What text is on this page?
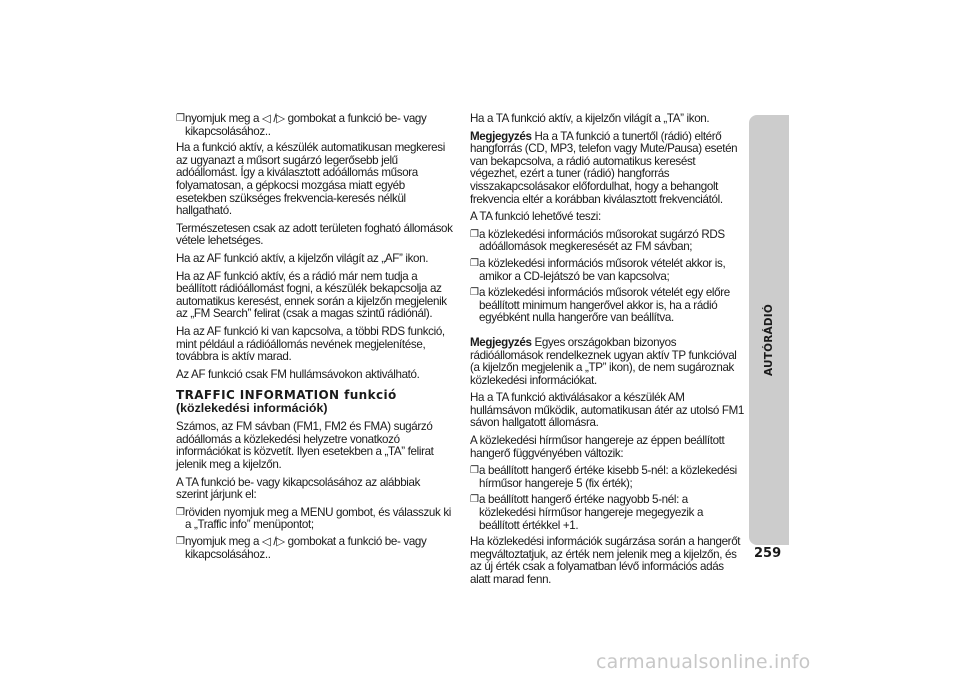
❐ nyomjuk meg a ◁ /▷ gombokat a funkció be- vagy kikapcsolásához..

Ha a funkció aktív, a készülék automatikusan megkeresi az ugyanazt a műsort sugárzó legerősebb jelű adóállomást. Így a kiválasztott adóállomás műsora folyamatosan, a gépkocsi mozgása miatt egyéb esetekben szükséges frekvencia-keresés nélkül hallgatható.

Természetesen csak az adott területen fogható állomások vétele lehetséges.

Ha az AF funkció aktív, a kijelzőn világít az „AF” ikon.

Ha az AF funkció aktív, és a rádió már nem tudja a beállított rádióállomást fogni, a készülék bekapcsolja az automatikus keresést, ennek során a kijelzőn megjelenik az „FM Search” felirat (csak a magas szintű rádiónál).

Ha az AF funkció ki van kapcsolva, a többi RDS funkció, mint például a rádióállomás nevének megjelenítése, továbbra is aktív marad.

Az AF funkció csak FM hullámsávokon aktiválható.

TRAFFIC INFORMATION funkció
(közlekedési információk)

Számos, az FM sávban (FM1, FM2 és FMA) sugárzó adóállomás a közlekedési helyzetre vonatkozó információkat is közvetít. Ilyen esetekben a „TA” felirat jelenik meg a kijelzőn.

A TA funkció be- vagy kikapcsolásához az alábbiak szerint járjunk el:

❐ röviden nyomjuk meg a MENU gombot, és válasszuk ki a „Traffic info” menüpontot;
❐ nyomjuk meg a ◁ /▷ gombokat a funkció be- vagy kikapcsolásához..

Ha a TA funkció aktív, a kijelzőn világít a „TA” ikon.

Megjegyzés Ha a TA funkció a tunertől (rádió) eltérő hangforrás (CD, MP3, telefon vagy Mute/Pausa) esetén van bekapcsolva, a rádió automatikus keresést végezhet, ezért a tuner (rádió) hangforrás visszakapcsolásakor előfordulhat, hogy a behangolt frekvencia eltér a korábban kiválasztott frekvenciától.

A TA funkció lehetővé teszi:

❐ a közlekedési információs műsorokat sugárzó RDS adóállomások megkeresését az FM sávban;
❐ a közlekedési információs műsorok vételét akkor is, amikor a CD-lejátszó be van kapcsolva;
❐ a közlekedési információs műsorok vételét egy előre beállított minimum hangerővel akkor is, ha a rádió egyébként nulla hangerőre van beállítva.

Megjegyzés Egyes országokban bizonyos rádióállomások rendelkeznek ugyan aktív TP funkcióval (a kijelzőn megjelenik a „TP” ikon), de nem sugároznak közlekedési információkat.

Ha a TA funkció aktiválásakor a készülék AM hullámsávon működik, automatikusan átér az utolsó FM1 sávon hallgatott állomásra.

A közlekedési hírműsor hangereje az éppen beállított hangerő függvényében változik:

❐ a beállított hangerő értéke kisebb 5-nél: a közlekedési hírműsor hangereje 5 (fix érték);
❐ a beállított hangerő értéke nagyobb 5-nél: a közlekedési hírműsor hangereje megegyezik a beállított értékkel +1.

Ha közlekedési információk sugárzása során a hangerőt megváltoztatjuk, az érték nem jelenik meg a kijelzőn, és az új érték csak a folyamatban lévő információs adás alatt marad fenn.

AUTÓRÁDIÓ
259
carmanualsonline.info
